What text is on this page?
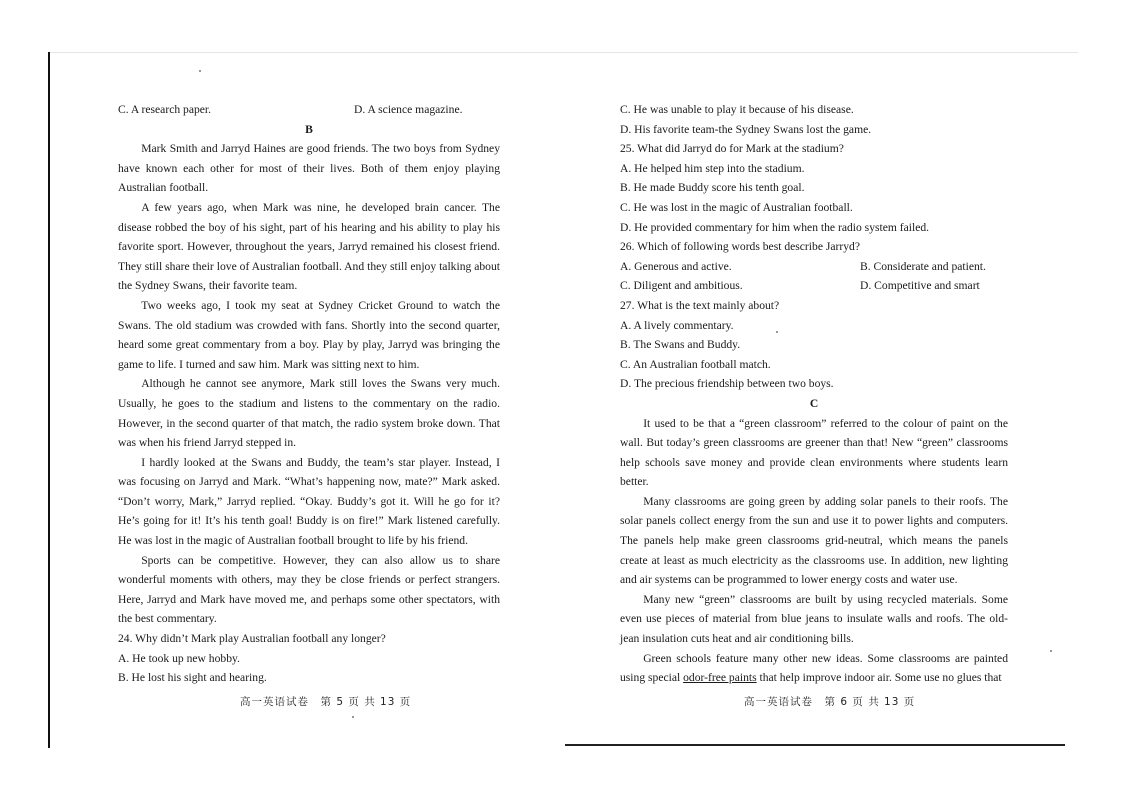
C. A research paper.	D. A science magazine.

B

Mark Smith and Jarryd Haines are good friends. The two boys from Sydney have known each other for most of their lives. Both of them enjoy playing Australian football.

A few years ago, when Mark was nine, he developed brain cancer. The disease robbed the boy of his sight, part of his hearing and his ability to play his favorite sport. However, throughout the years, Jarryd remained his closest friend. They still share their love of Australian football. And they still enjoy talking about the Sydney Swans, their favorite team.

Two weeks ago, I took my seat at Sydney Cricket Ground to watch the Swans. The old stadium was crowded with fans. Shortly into the second quarter, heard some great commentary from a boy. Play by play, Jarryd was bringing the game to life. I turned and saw him. Mark was sitting next to him.

Although he cannot see anymore, Mark still loves the Swans very much. Usually, he goes to the stadium and listens to the commentary on the radio. However, in the second quarter of that match, the radio system broke down. That was when his friend Jarryd stepped in.

I hardly looked at the Swans and Buddy, the team’s star player. Instead, I was focusing on Jarryd and Mark. “What’s happening now, mate?” Mark asked. “Don’t worry, Mark,” Jarryd replied. “Okay. Buddy’s got it. Will he go for it? He’s going for it! It’s his tenth goal! Buddy is on fire!” Mark listened carefully. He was lost in the magic of Australian football brought to life by his friend.

Sports can be competitive. However, they can also allow us to share wonderful moments with others, may they be close friends or perfect strangers. Here, Jarryd and Mark have moved me, and perhaps some other spectators, with the best commentary.

24. Why didn’t Mark play Australian football any longer?

A. He took up new hobby.

B. He lost his sight and hearing.

C. He was unable to play it because of his disease.

D. His favorite team-the Sydney Swans lost the game.

25. What did Jarryd do for Mark at the stadium?

A. He helped him step into the stadium.

B. He made Buddy score his tenth goal.

C. He was lost in the magic of Australian football.

D. He provided commentary for him when the radio system failed.

26. Which of following words best describe Jarryd?

A. Generous and active.	B. Considerate and patient.
C. Diligent and ambitious.	D. Competitive and smart

27. What is the text mainly about?

A. A lively commentary.

B. The Swans and Buddy.

C. An Australian football match.

D. The precious friendship between two boys.

C

It used to be that a “green classroom” referred to the colour of paint on the wall. But today’s green classrooms are greener than that! New “green” classrooms help schools save money and provide clean environments where students learn better.

Many classrooms are going green by adding solar panels to their roofs. The solar panels collect energy from the sun and use it to power lights and computers. The panels help make green classrooms grid-neutral, which means the panels create at least as much electricity as the classrooms use. In addition, new lighting and air systems can be programmed to lower energy costs and water use.

Many new “green” classrooms are built by using recycled materials. Some even use pieces of material from blue jeans to insulate walls and roofs. The old-jean insulation cuts heat and air conditioning bills.

Green schools feature many other new ideas. Some classrooms are painted using special odor-free paints that help improve indoor air. Some use no glues that

高一英语试卷　第 5 页 共 13 页	高一英语试卷　第 6 页 共 13 页
